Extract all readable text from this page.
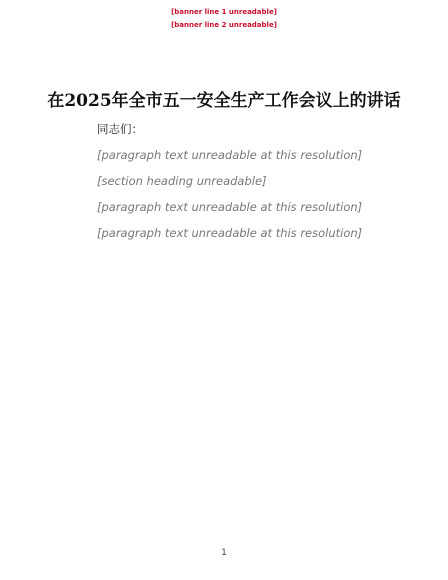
[banner line 1 unreadable]
[banner line 2 unreadable]
在2025年全市五一安全生产工作会议上的讲话
同志们：
[paragraph text unreadable at this resolution]
[section heading unreadable]
[paragraph text unreadable at this resolution]
[paragraph text unreadable at this resolution]
1
